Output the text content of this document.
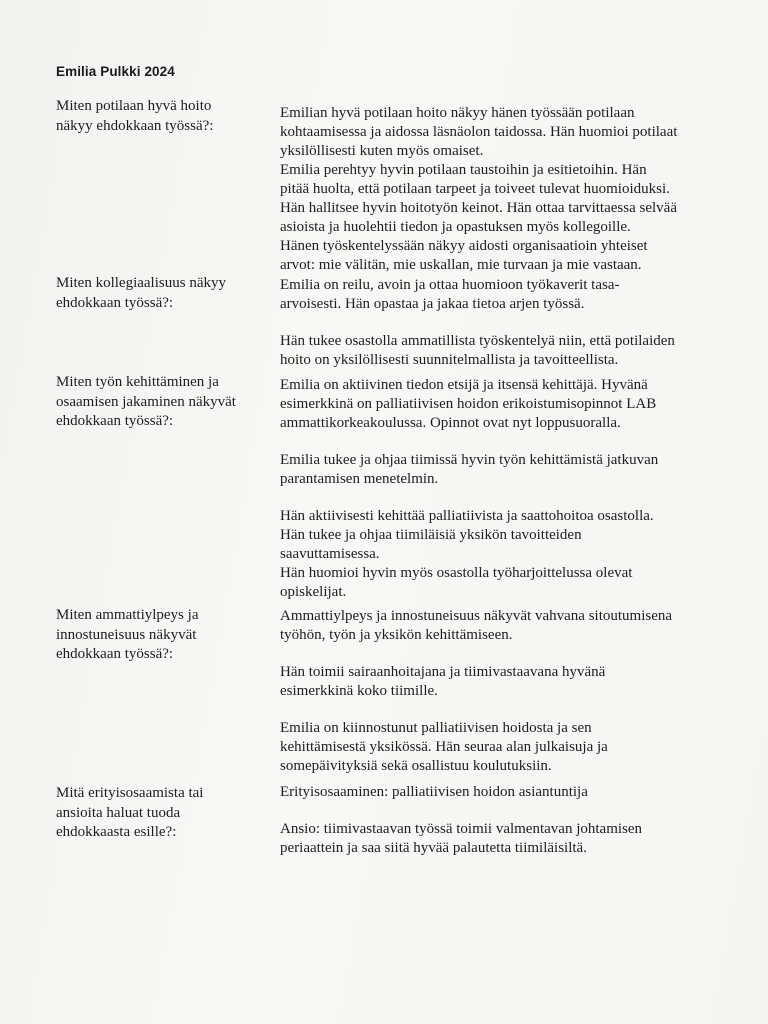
Emilia Pulkki 2024
Miten potilaan hyvä hoito
näkyy ehdokkaan työssä?:
Emilian hyvä potilaan hoito näkyy hänen työssään potilaan
kohtaamisessa ja aidossa läsnäolon taidossa. Hän huomioi potilaat
yksilöllisesti kuten myös omaiset.
Emilia perehtyy hyvin potilaan taustoihin ja esitietoihin. Hän
pitää huolta, että potilaan tarpeet ja toiveet tulevat huomioiduksi.
Hän hallitsee hyvin hoitotyön keinot. Hän ottaa tarvittaessa selvää
asioista ja huolehtii tiedon ja opastuksen myös kollegoille.
Hänen työskentelyssään näkyy aidosti organisaatioin yhteiset
arvot: mie välitän, mie uskallan, mie turvaan ja mie vastaan.
Miten kollegiaalisuus näkyy
ehdokkaan työssä?:
Emilia on reilu, avoin ja ottaa huomioon työkaverit tasa-
arvoisesti. Hän opastaa ja jakaa tietoa arjen työssä.
Hän tukee osastolla ammatillista työskentelyä niin, että potilaiden
hoito on yksilöllisesti suunnitelmallista ja tavoitteellista.
Miten työn kehittäminen ja
osaamisen jakaminen näkyvät
ehdokkaan työssä?:
Emilia on aktiivinen tiedon etsijä ja itsensä kehittäjä. Hyvänä
esimerkkinä on palliatiivisen hoidon erikoistumisopinnot LAB
ammattikorkeakoulussa. Opinnot ovat nyt loppusuoralla.
Emilia tukee ja ohjaa tiimissä hyvin työn kehittämistä jatkuvan
parantamisen menetelmin.
Hän aktiivisesti kehittää palliatiivista ja saattohoitoa osastolla.
Hän tukee ja ohjaa tiimiläisiä yksikön tavoitteiden
saavuttamisessa.
Hän huomioi hyvin myös osastolla työharjoittelussa olevat
opiskelijat.
Miten ammattiylpeys ja
innostuneisuus näkyvät
ehdokkaan työssä?:
Ammattiylpeys ja innostuneisuus näkyvät vahvana sitoutumisena
työhön, työn ja yksikön kehittämiseen.
Hän toimii sairaanhoitajana ja tiimivastaavana hyvänä
esimerkkinä koko tiimille.
Emilia on kiinnostunut palliatiivisen hoidosta ja sen
kehittämisestä yksikössä. Hän seuraa alan julkaisuja ja
somepäivityksiä sekä osallistuu koulutuksiin.
Mitä erityisosaamista tai
ansioita haluat tuoda
ehdokkaasta esille?:
Erityisosaaminen: palliatiivisen hoidon asiantuntija
Ansio: tiimivastaavan työssä toimii valmentavan johtamisen
periaattein ja saa siitä hyvää palautetta tiimiläisiltä.
